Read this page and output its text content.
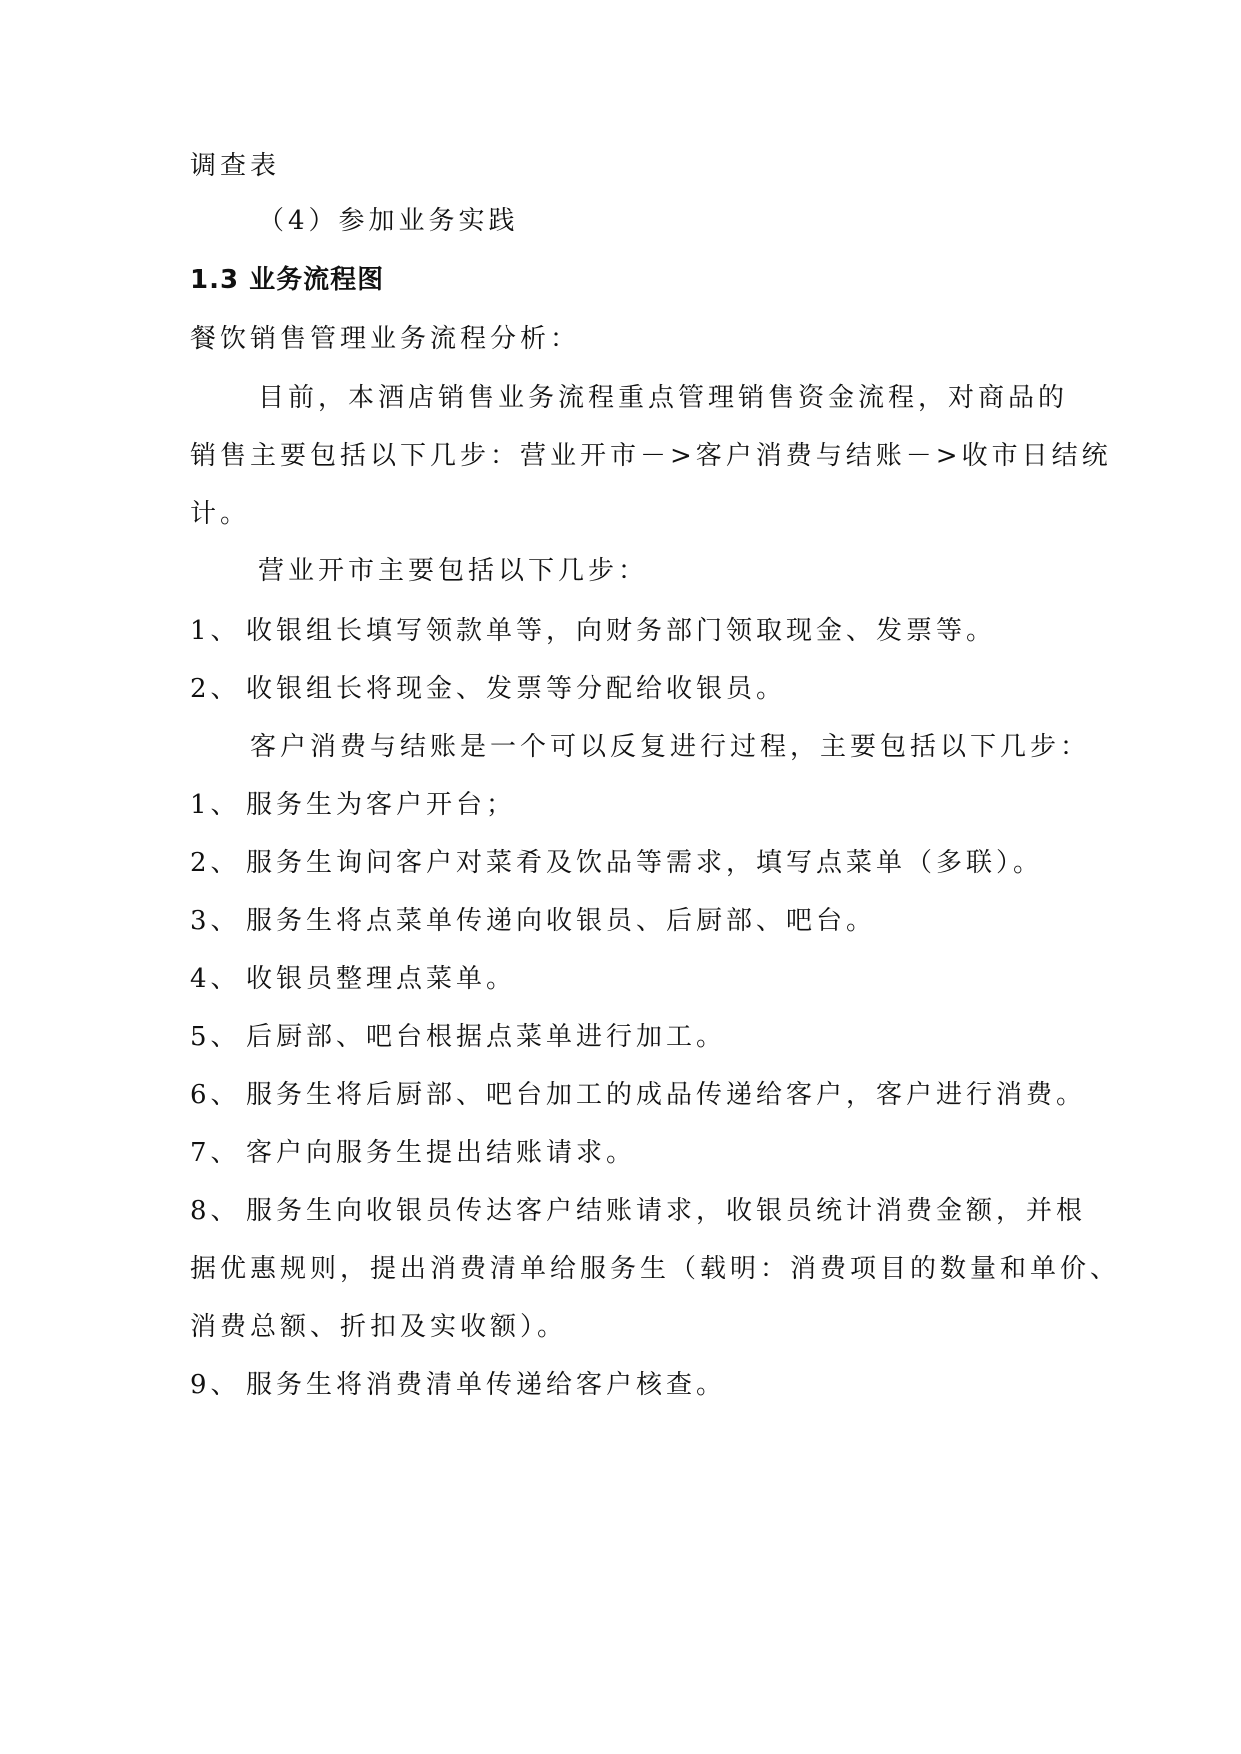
调查表

（4）参加业务实践

1.3 业务流程图

餐饮销售管理业务流程分析：

目前，本酒店销售业务流程重点管理销售资金流程，对商品的

销售主要包括以下几步：营业开市－>客户消费与结账－>收市日结统

计。

营业开市主要包括以下几步：

1、 收银组长填写领款单等，向财务部门领取现金、发票等。

2、 收银组长将现金、发票等分配给收银员。

客户消费与结账是一个可以反复进行过程，主要包括以下几步：

1、 服务生为客户开台；

2、 服务生询问客户对菜肴及饮品等需求，填写点菜单（多联）。

3、 服务生将点菜单传递向收银员、后厨部、吧台。

4、 收银员整理点菜单。

5、 后厨部、吧台根据点菜单进行加工。

6、 服务生将后厨部、吧台加工的成品传递给客户，客户进行消费。

7、 客户向服务生提出结账请求。

8、 服务生向收银员传达客户结账请求，收银员统计消费金额，并根

据优惠规则，提出消费清单给服务生（载明：消费项目的数量和单价、

消费总额、折扣及实收额）。

9、 服务生将消费清单传递给客户核查。
